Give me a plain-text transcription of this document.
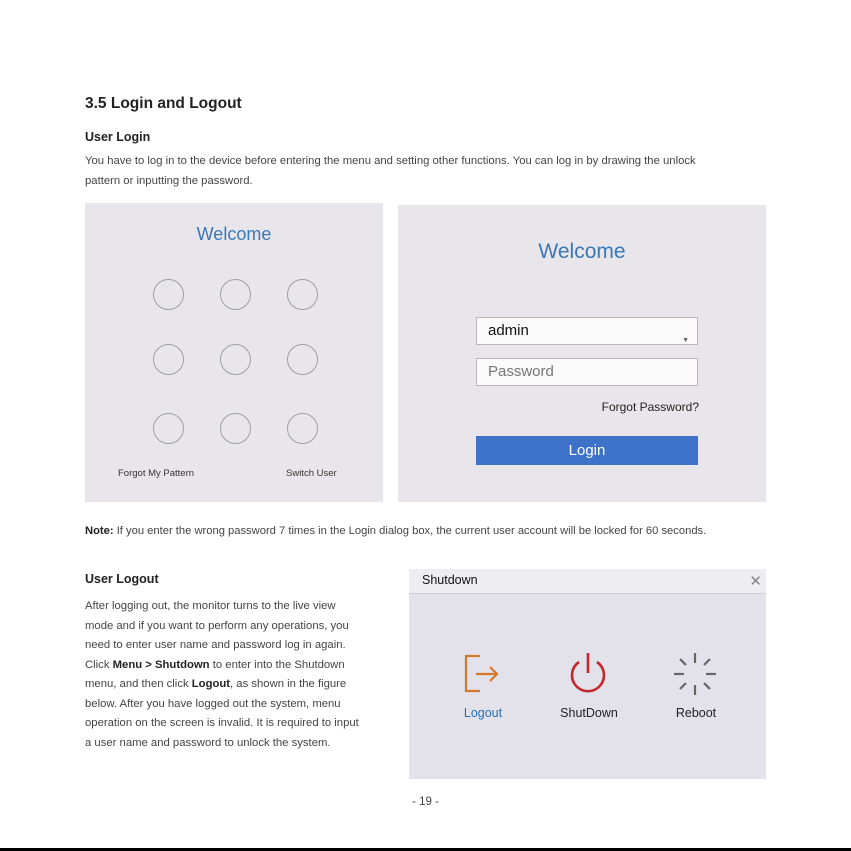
3.5 Login and Logout
User Login
You have to log in to the device before entering the menu and setting other functions. You can log in by drawing the unlock
pattern or inputting the password.
Welcome
Forgot My Pattern	Switch User
Welcome
admin
▼
Password
Forgot Password?
Login
Note: If you enter the wrong password 7 times in the Login dialog box, the current user account will be locked for 60 seconds.
User Logout
After logging out, the monitor turns to the live view
mode and if you want to perform any operations, you
need to enter user name and password log in again.
Click Menu > Shutdown to enter into the Shutdown
menu, and then click Logout, as shown in the figure
below. After you have logged out the system, menu
operation on the screen is invalid. It is required to input
a user name and password to unlock the system.
Shutdown	✕
Logout	ShutDown	Reboot
- 19 -
